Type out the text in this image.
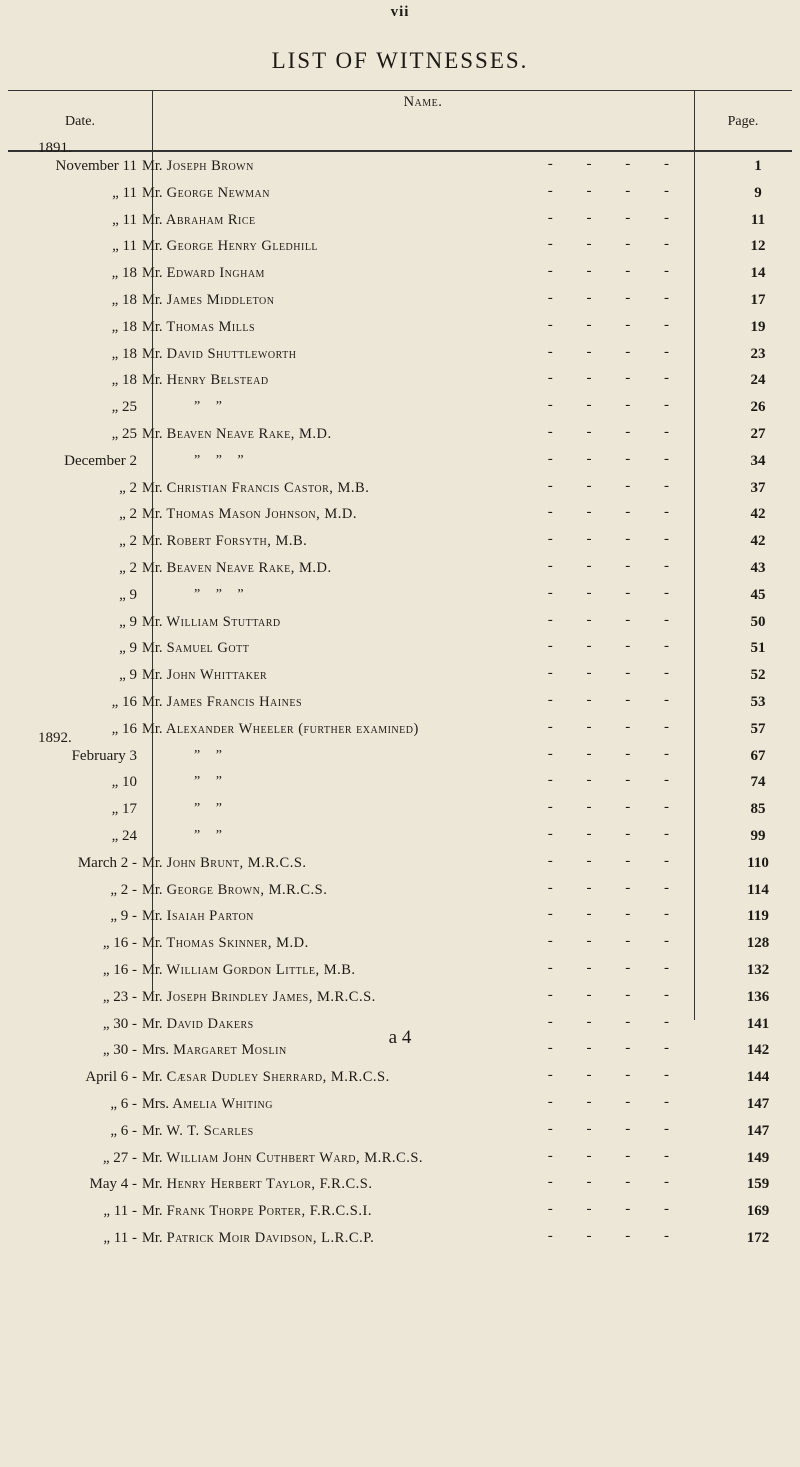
vii
LIST OF WITNESSES.
Date.
Name.
Page.
1891.
November 11 Mr. Joseph Brown	- - - -	1
„ 11 Mr. George Newman	- - - -	9
„ 11 Mr. Abraham Rice	- - - -	11
„ 11 Mr. George Henry Gledhill	- - - -	12
„ 18 Mr. Edward Ingham	- - - -	14
„ 18 Mr. James Middleton	- - - -	17
„ 18 Mr. Thomas Mills	- - - -	19
„ 18 Mr. David Shuttleworth	- - - -	23
„ 18 Mr. Henry Belstead	- - - -	24
„ 25	” ”	- - - -	26
„ 25 Mr. Beaven Neave Rake, M.D.	- - - -	27
December 2	” ” ”	- - - -	34
„ 2 Mr. Christian Francis Castor, M.B.	- - - -	37
„ 2 Mr. Thomas Mason Johnson, M.D.	- - - -	42
„ 2 Mr. Robert Forsyth, M.B.	- - - -	42
„ 2 Mr. Beaven Neave Rake, M.D.	- - - -	43
„ 9	” ” ”	- - - -	45
„ 9 Mr. William Stuttard	- - - -	50
„ 9 Mr. Samuel Gott	- - - -	51
„ 9 Mr. John Whittaker	- - - -	52
„ 16 Mr. James Francis Haines	- - - -	53
„ 16 Mr. Alexander Wheeler (further examined)	- - - -	57
1892.
February 3	” ”	- - - -	67
„ 10	” ”	- - - -	74
„ 17	” ”	- - - -	85
„ 24	” ”	- - - -	99
March 2 - Mr. John Brunt, M.R.C.S.	- - - -	110
„ 2 - Mr. George Brown, M.R.C.S.	- - - -	114
„ 9 - Mr. Isaiah Parton	- - - -	119
„ 16 - Mr. Thomas Skinner, M.D.	- - - -	128
„ 16 - Mr. William Gordon Little, M.B.	- - - -	132
„ 23 - Mr. Joseph Brindley James, M.R.C.S.	- - - -	136
„ 30 - Mr. David Dakers	- - - -	141
„ 30 - Mrs. Margaret Moslin	- - - -	142
April 6 - Mr. Cæsar Dudley Sherrard, M.R.C.S.	- - - -	144
„ 6 - Mrs. Amelia Whiting	- - - -	147
„ 6 - Mr. W. T. Scarles	- - - -	147
„ 27 - Mr. William John Cuthbert Ward, M.R.C.S.	- - - -	149
May 4 - Mr. Henry Herbert Taylor, F.R.C.S.	- - - -	159
„ 11 - Mr. Frank Thorpe Porter, F.R.C.S.I.	- - - -	169
„ 11 - Mr. Patrick Moir Davidson, L.R.C.P.	- - - -	172
a 4
